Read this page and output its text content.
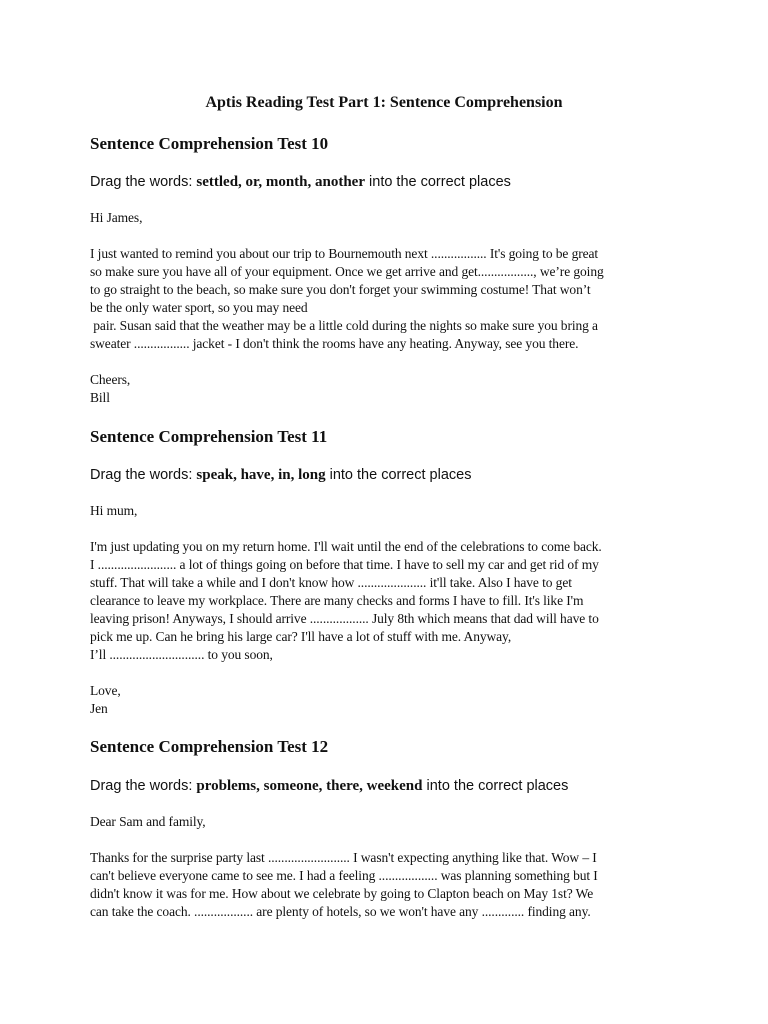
Aptis Reading Test Part 1: Sentence Comprehension
Sentence Comprehension Test 10
Drag the words: settled, or, month, another into the correct places
Hi James,
I just wanted to remind you about our trip to Bournemouth next ................. It's going to be great
so make sure you have all of your equipment. Once we get arrive and get................., we’re going
to go straight to the beach, so make sure you don't forget your swimming costume! That won’t
be the only water sport, so you may need
pair. Susan said that the weather may be a little cold during the nights so make sure you bring a
sweater ................. jacket - I don't think the rooms have any heating. Anyway, see you there.
Cheers,
Bill
Sentence Comprehension Test 11
Drag the words: speak, have, in, long into the correct places
Hi mum,
I'm just updating you on my return home. I'll wait until the end of the celebrations to come back.
I ........................ a lot of things going on before that time. I have to sell my car and get rid of my
stuff. That will take a while and I don't know how ..................... it'll take. Also I have to get
clearance to leave my workplace. There are many checks and forms I have to fill. It's like I'm
leaving prison! Anyways, I should arrive .................. July 8th which means that dad will have to
pick me up. Can he bring his large car? I'll have a lot of stuff with me. Anyway,
I’ll ............................. to you soon,
Love,
Jen
Sentence Comprehension Test 12
Drag the words: problems, someone, there, weekend into the correct places
Dear Sam and family,
Thanks for the surprise party last ......................... I wasn't expecting anything like that. Wow – I
can't believe everyone came to see me. I had a feeling .................. was planning something but I
didn't know it was for me. How about we celebrate by going to Clapton beach on May 1st? We
can take the coach. .................. are plenty of hotels, so we won't have any ............. finding any.
